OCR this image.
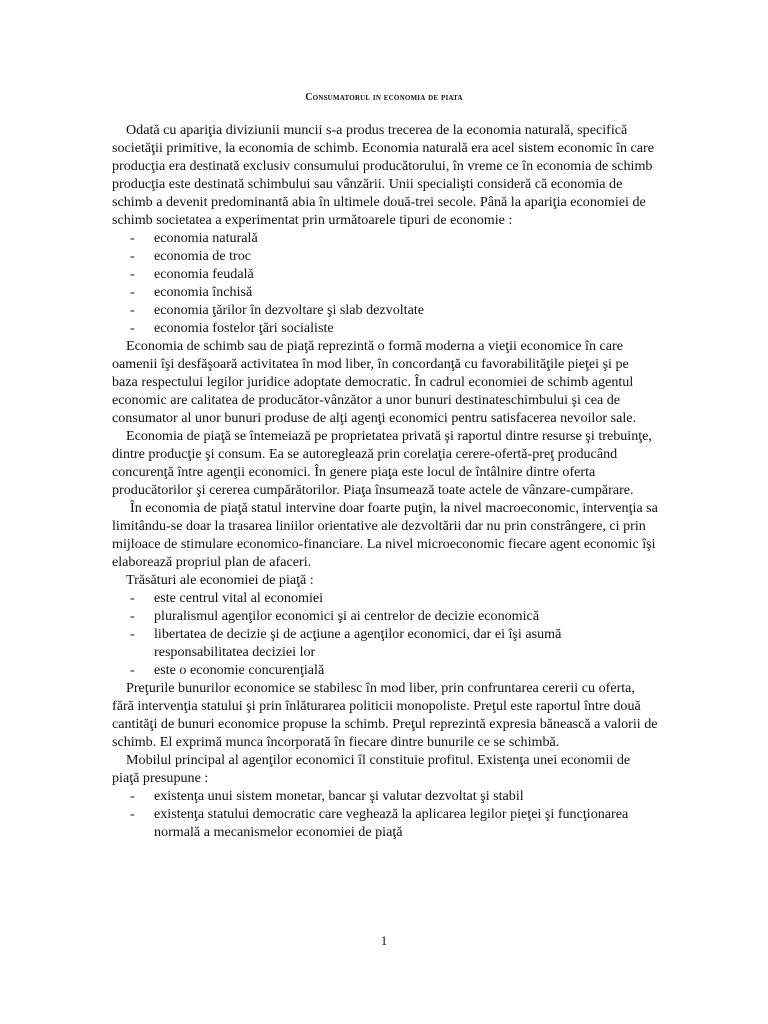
Consumatorul in economia de piata

Odată cu apariţia diviziunii muncii s-a produs trecerea de la economia naturală, specifică societăţii primitive, la economia de schimb. Economia naturală era acel sistem economic în care producţia era destinată exclusiv consumului producătorului, în vreme ce în economia de schimb producţia este destinată schimbului sau vânzării. Unii specialişti consideră că economia de schimb a devenit predominantă abia în ultimele două-trei secole. Până la apariţia economiei de schimb societatea a experimentat prin următoarele tipuri de economie :

- economia naturală
- economia de troc
- economia feudală
- economia închisă
- economia ţărilor în dezvoltare şi slab dezvoltate
- economia fostelor ţări socialiste

Economia de schimb sau de piaţă reprezintă o formă moderna a vieţii economice în care oamenii îşi desfăşoară activitatea în mod liber, în concordanţă cu favorabilităţile pieţei şi pe baza respectului legilor juridice adoptate democratic. În cadrul economiei de schimb agentul economic are calitatea de producător-vânzător a unor bunuri destinateschimbului şi cea de consumator al unor bunuri produse de alţi agenţi economici pentru satisfacerea nevoilor sale.

Economia de piaţă se întemeiază pe proprietatea privată şi raportul dintre resurse şi trebuinţe, dintre producţie şi consum. Ea se autoreglează prin corelaţia cerere-ofertă-preţ producând concurenţă între agenţii economici. În genere piaţa este locul de întâlnire dintre oferta producătorilor şi cererea cumpărătorilor. Piaţa însumează toate actele de vânzare-cumpărare.

În economia de piaţă statul intervine doar foarte puţin, la nivel macroeconomic, intervenţia sa limitându-se doar la trasarea liniilor orientative ale dezvoltării dar nu prin constrângere, ci prin mijloace de stimulare economico-financiare. La nivel microeconomic fiecare agent economic îşi elaborează propriul plan de afaceri.

Trăsături ale economiei de piaţă :

- este centrul vital al economiei
- pluralismul agenţilor economici şi ai centrelor de decizie economică
- libertatea de decizie şi de acţiune a agenţilor economici, dar ei îşi asumă responsabilitatea deciziei lor
- este o economie concurenţială

Preţurile bunurilor economice se stabilesc în mod liber, prin confruntarea cererii cu oferta, fără intervenţia statului şi prin înlăturarea politicii monopoliste. Preţul este raportul între două cantităţi de bunuri economice propuse la schimb. Preţul reprezintă expresia bănească a valorii de schimb. El exprimă munca încorporată în fiecare dintre bunurile ce se schimbă.

Mobilul principal al agenţilor economici îl constituie profitul. Existenţa unei economii de piaţă presupune :

- existenţa unui sistem monetar, bancar şi valutar dezvoltat şi stabil
- existenţa statului democratic care veghează la aplicarea legilor pieţei şi funcţionarea normală a mecanismelor economiei de piaţă
1
